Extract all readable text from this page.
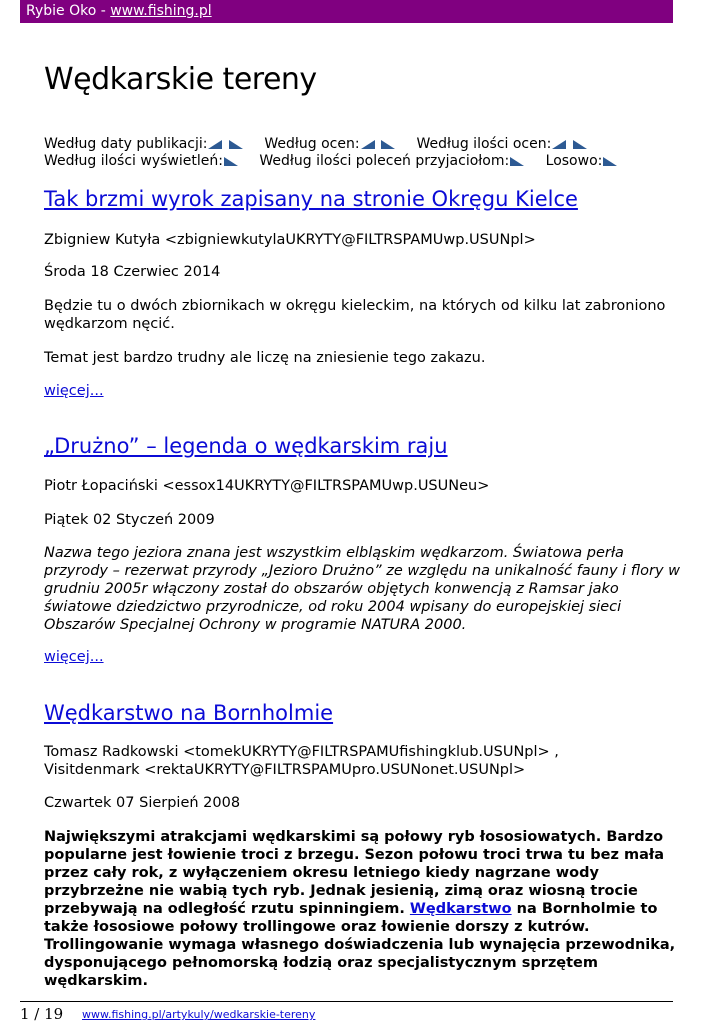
Rybie Oko - www.fishing.pl
Wędkarskie tereny
Według daty publikacji:	Według ocen:	Według ilości ocen:
Według ilości wyświetleń:	Według ilości poleceń przyjaciołom:	Losowo:
Tak brzmi wyrok zapisany na stronie Okręgu Kielce

Zbigniew Kutyła <zbigniewkutylaUKRYTY@FILTRSPAMUwp.USUNpl>

Środa 18 Czerwiec 2014

Będzie tu o dwóch zbiornikach w okręgu kieleckim, na których od kilku lat zabroniono wędkarzom nęcić.

Temat jest bardzo trudny ale liczę na zniesienie tego zakazu.

więcej...
„Drużno” – legenda o wędkarskim raju

Piotr Łopaciński <essox14UKRYTY@FILTRSPAMUwp.USUNeu>

Piątek 02 Styczeń 2009

Nazwa tego jeziora znana jest wszystkim elbląskim wędkarzom. Światowa perła przyrody – rezerwat przyrody „Jezioro Drużno” ze względu na unikalność fauny i flory w grudniu 2005r włączony został do obszarów objętych konwencją z Ramsar jako światowe dziedzictwo przyrodnicze, od roku 2004 wpisany do europejskiej sieci Obszarów Specjalnej Ochrony w programie NATURA 2000.

więcej...
Wędkarstwo na Bornholmie

Tomasz Radkowski <tomekUKRYTY@FILTRSPAMUfishingklub.USUNpl> ,
Visitdenmark <rektaUKRYTY@FILTRSPAMUpro.USUNonet.USUNpl>

Czwartek 07 Sierpień 2008

Największymi atrakcjami wędkarskimi są połowy ryb łososiowatych. Bardzo popularne jest łowienie troci z brzegu. Sezon połowu troci trwa tu bez mała przez cały rok, z wyłączeniem okresu letniego kiedy nagrzane wody przybrzeżne nie wabią tych ryb. Jednak jesienią, zimą oraz wiosną trocie przebywają na odległość rzutu spinningiem. Wędkarstwo na Bornholmie to także łososiowe połowy trollingowe oraz łowienie dorszy z kutrów. Trollingowanie wymaga własnego doświadczenia lub wynajęcia przewodnika, dysponującego pełnomorską łodzią oraz specjalistycznym sprzętem wędkarskim.

1 / 19 www.fishing.pl/artykuly/wedkarskie-tereny
